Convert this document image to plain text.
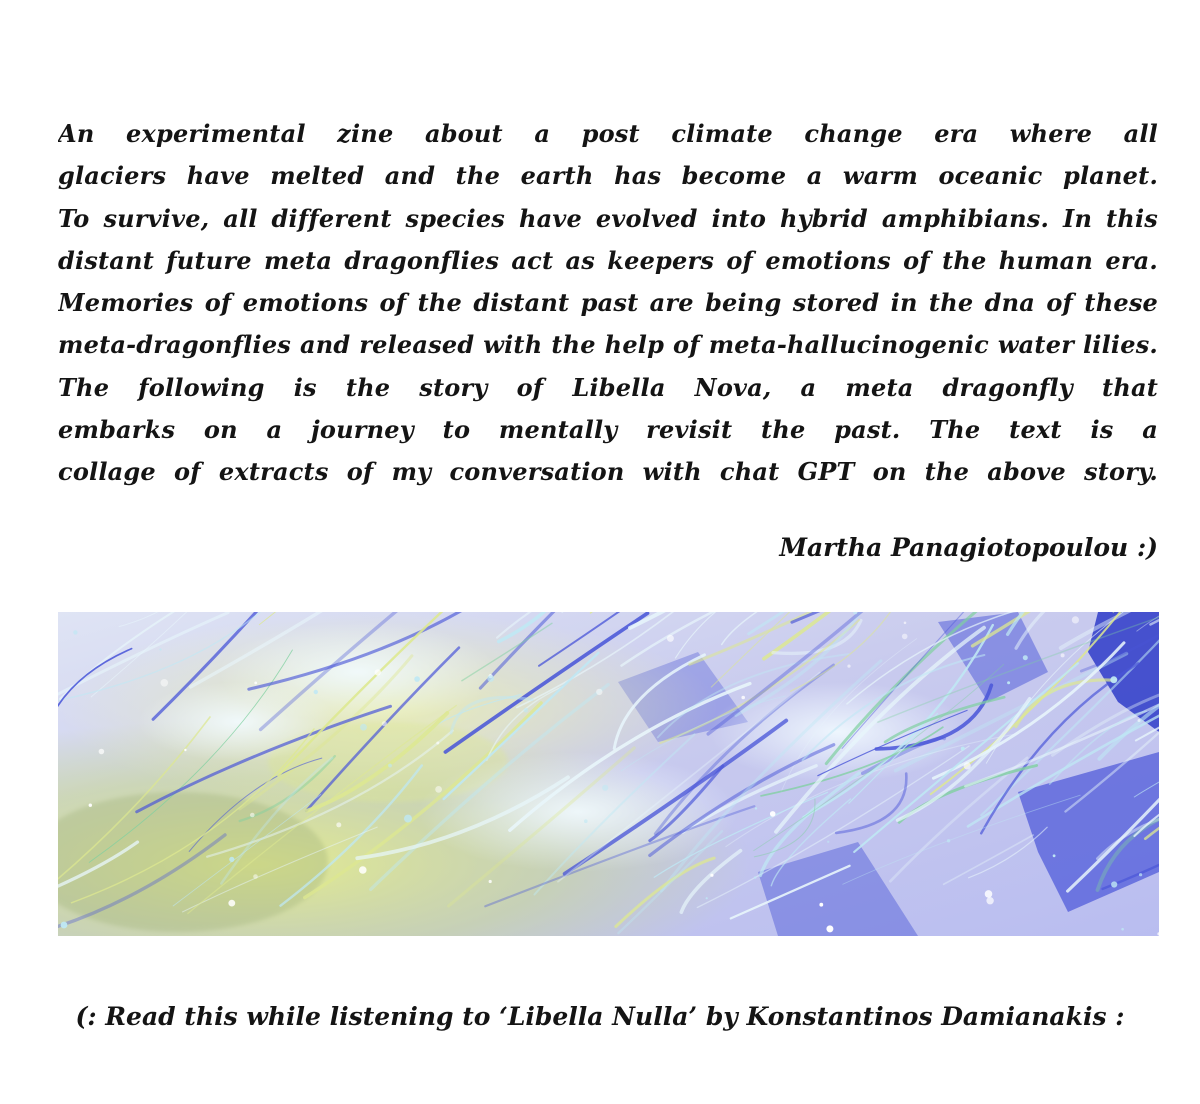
An experimental zine about a post climate change era where all
glaciers have melted and the earth has become a warm oceanic planet.
To survive, all different species have evolved into hybrid amphibians. In this
distant future meta dragonflies act as keepers of emotions of the human era.
Memories of emotions of the distant past are being stored in the dna of these
meta-dragonflies and released with the help of meta-hallucinogenic water lilies.
The following is the story of Libella Nova, a meta dragonfly that
embarks on a journey to mentally revisit the past. The text is a
collage of extracts of my conversation with chat GPT on the above story.
Martha Panagiotopoulou :)
(: Read this while listening to ‘Libella Nulla’ by Konstantinos Damianakis :
